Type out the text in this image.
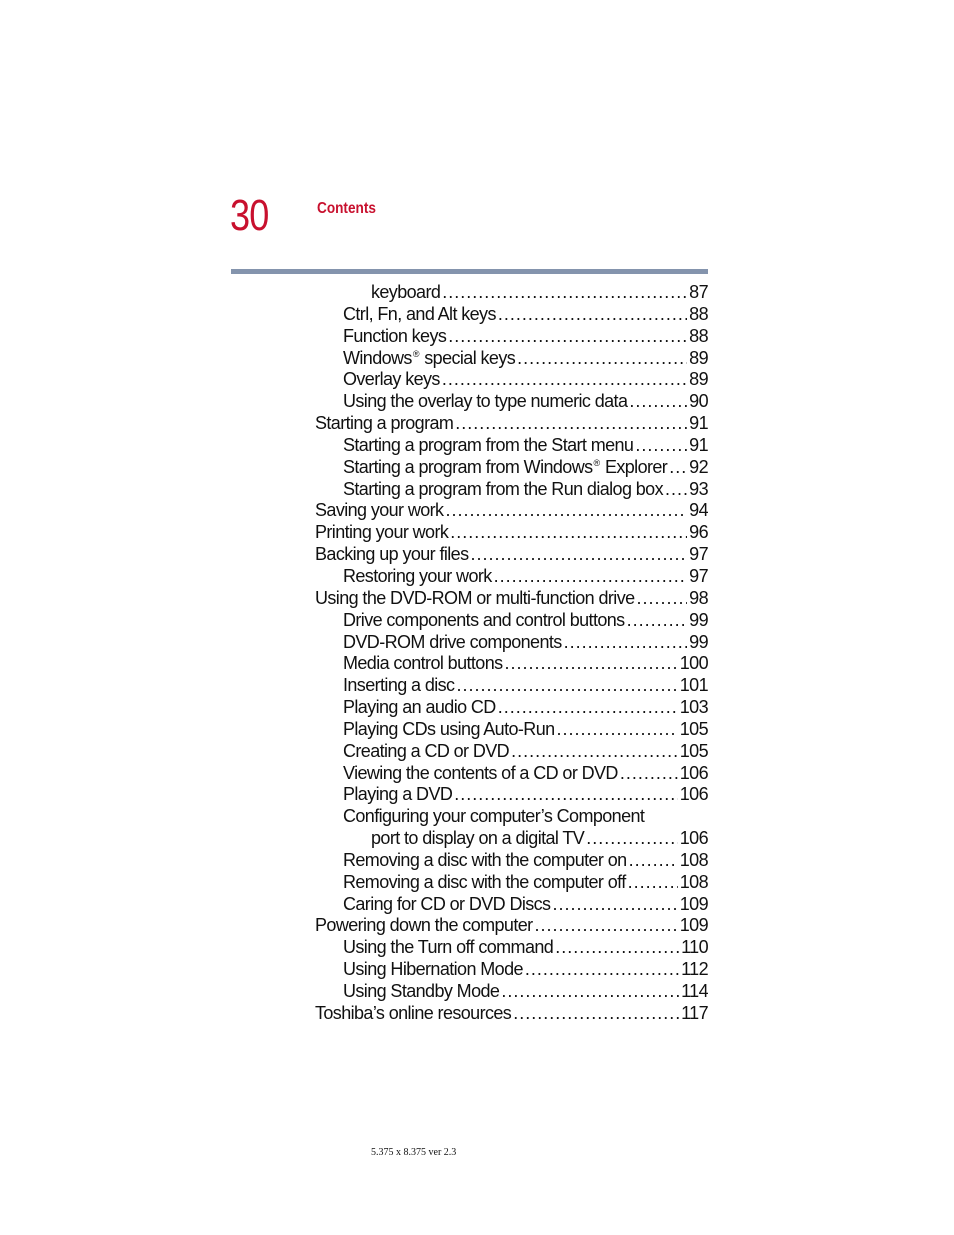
30	Contents
keyboard .....	87
Ctrl, Fn, and Alt keys .....	88
Function keys .....	88
Windows® special keys .....	89
Overlay keys .....	89
Using the overlay to type numeric data .....	90
Starting a program .....	91
Starting a program from the Start menu .....	91
Starting a program from Windows® Explorer ..... 92
Starting a program from the Run dialog box ..... 93
Saving your work .....	94
Printing your work .....	96
Backing up your files .....	97
Restoring your work .....	97
Using the DVD-ROM or multi-function drive .....	98
Drive components and control buttons .....	99
DVD-ROM drive components .....	99
Media control buttons .....	100
Inserting a disc .....	101
Playing an audio CD .....	103
Playing CDs using Auto-Run .....	105
Creating a CD or DVD .....	105
Viewing the contents of a CD or DVD .....	106
Playing a DVD .....	106
Configuring your computer’s Component
port to display on a digital TV .....	106
Removing a disc with the computer on .....	108
Removing a disc with the computer off .....	108
Caring for CD or DVD Discs .....	109
Powering down the computer .....	109
Using the Turn off command .....	110
Using Hibernation Mode .....	112
Using Standby Mode .....	114
Toshiba’s online resources .....	117
5.375 x 8.375 ver 2.3
